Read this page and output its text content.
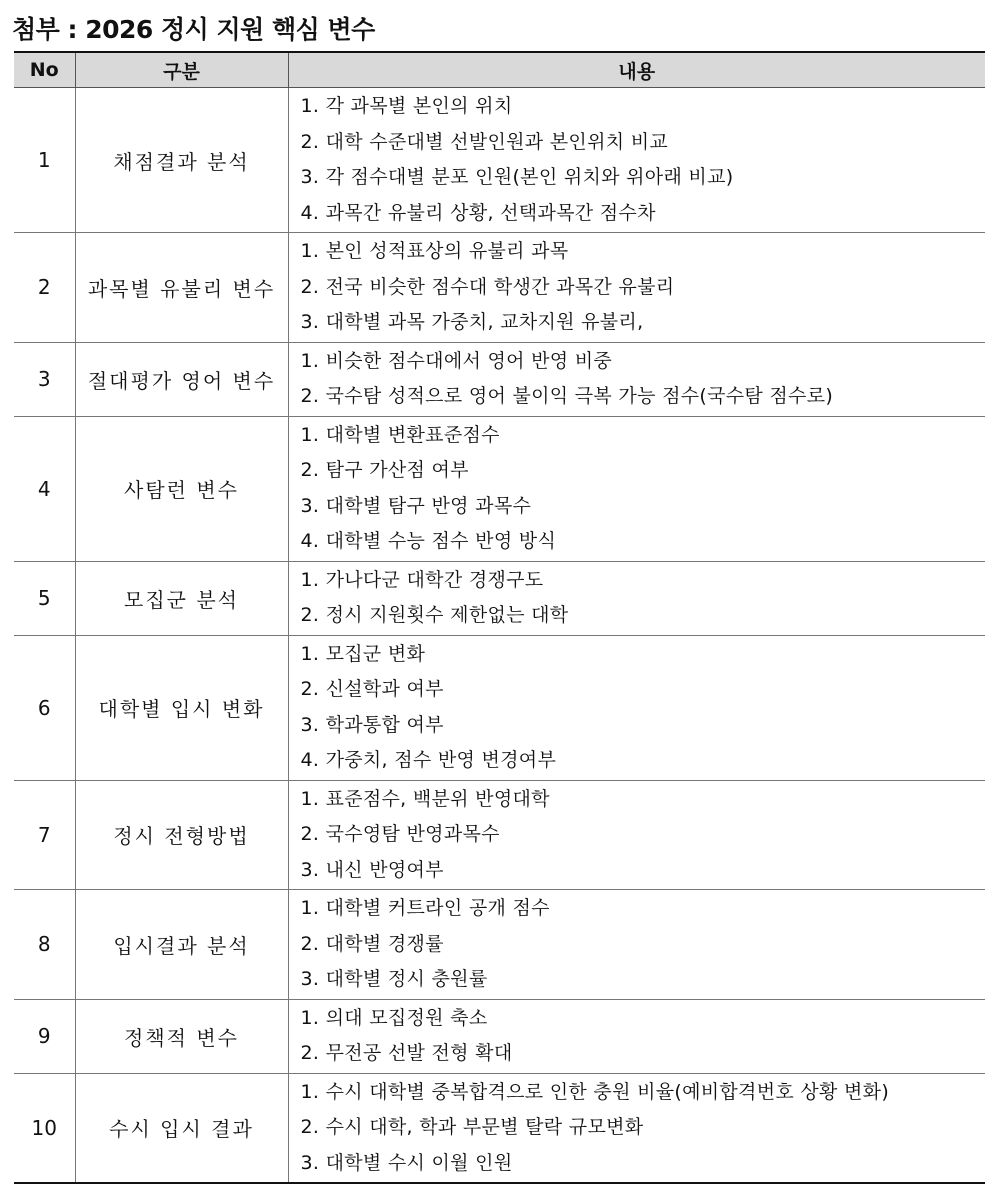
첨부 : 2026 정시 지원 핵심 변수
No	구분	내용
1	채점결과 분석	1. 각 과목별 본인의 위치
2. 대학 수준대별 선발인원과 본인위치 비교
3. 각 점수대별 분포 인원(본인 위치와 위아래 비교)
4. 과목간 유불리 상황, 선택과목간 점수차

2	과목별 유불리 변수	1. 본인 성적표상의 유불리 과목
2. 전국 비슷한 점수대 학생간 과목간 유불리
3. 대학별 과목 가중치, 교차지원 유불리,

3	절대평가 영어 변수	1. 비슷한 점수대에서 영어 반영 비중
2. 국수탐 성적으로 영어 불이익 극복 가능 점수(국수탐 점수로)

4	사탐런 변수	1. 대학별 변환표준점수
2. 탐구 가산점 여부
3. 대학별 탐구 반영 과목수
4. 대학별 수능 점수 반영 방식

5	모집군 분석	1. 가나다군 대학간 경쟁구도
2. 정시 지원횟수 제한없는 대학

6	대학별 입시 변화	1. 모집군 변화
2. 신설학과 여부
3. 학과통합 여부
4. 가중치, 점수 반영 변경여부

7	정시 전형방법	1. 표준점수, 백분위 반영대학
2. 국수영탐 반영과목수
3. 내신 반영여부

8	입시결과 분석	1. 대학별 커트라인 공개 점수
2. 대학별 경쟁률
3. 대학별 정시 충원률

9	정책적 변수	1. 의대 모집정원 축소
2. 무전공 선발 전형 확대

10	수시 입시 결과	1. 수시 대학별 중복합격으로 인한 충원 비율(예비합격번호 상황 변화)
2. 수시 대학, 학과 부문별 탈락 규모변화
3. 대학별 수시 이월 인원
